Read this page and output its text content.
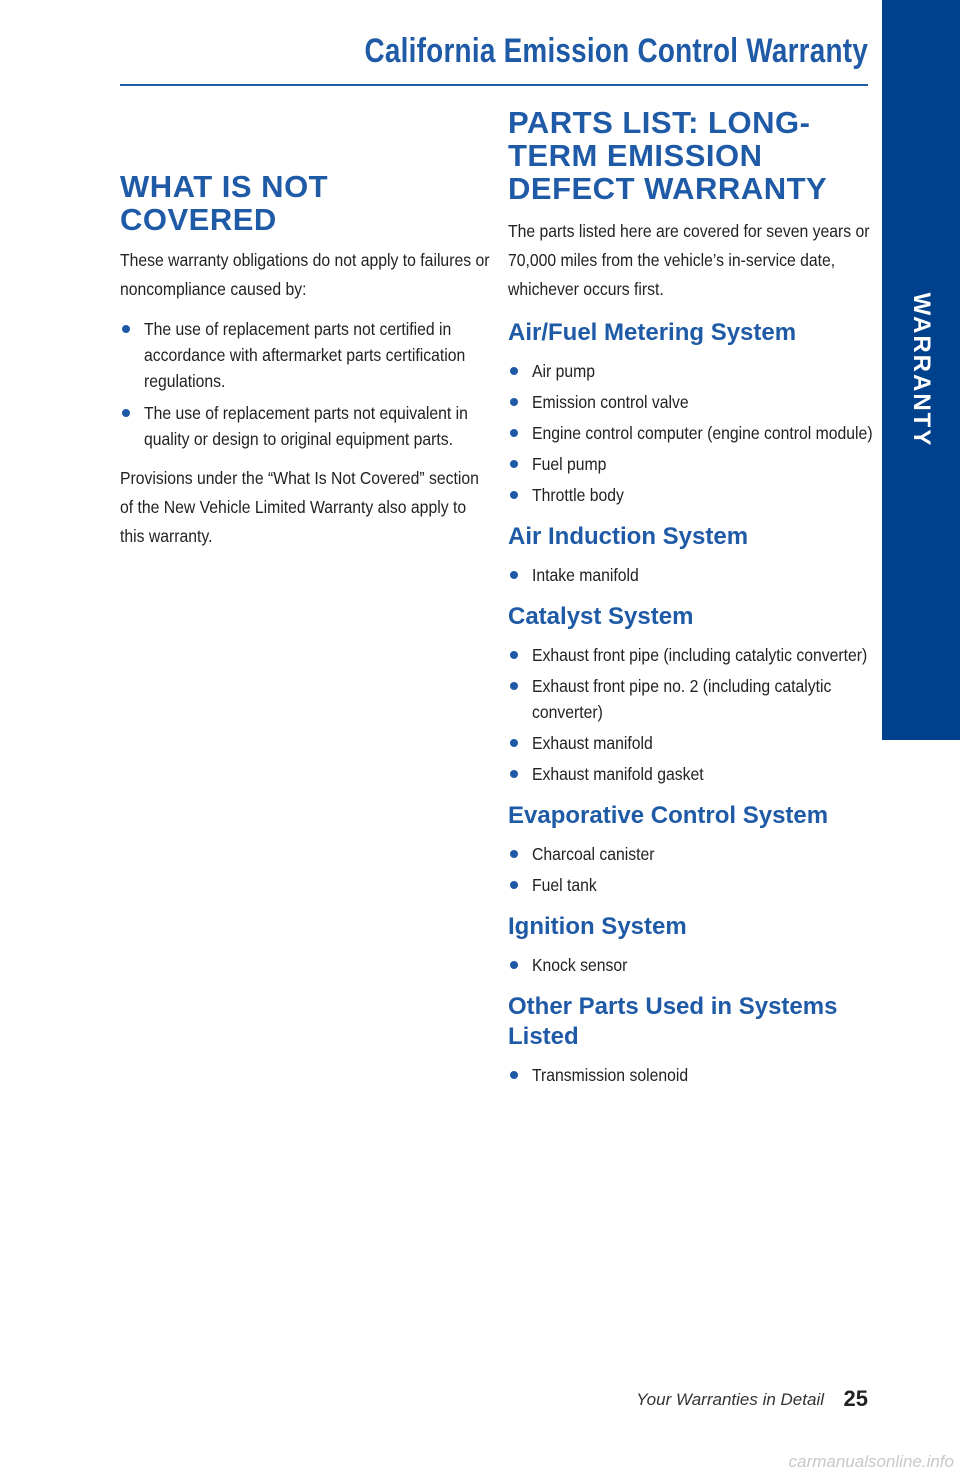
California Emission Control Warranty
WARRANTY
WHAT IS NOT COVERED

These warranty obligations do not apply to failures or noncompliance caused by:

The use of replacement parts not certified in accordance with aftermarket parts certification regulations.
The use of replacement parts not equivalent in quality or design to original equipment parts.

Provisions under the “What Is Not Covered” section of the New Vehicle Limited Warranty also apply to this warranty.

PARTS LIST: LONG-TERM EMISSION DEFECT WARRANTY

The parts listed here are covered for seven years or 70,000 miles from the vehicle’s in-service date, whichever occurs first.

Air/Fuel Metering System
Air pump
Emission control valve
Engine control computer (engine control module)
Fuel pump
Throttle body
Air Induction System
Intake manifold
Catalyst System
Exhaust front pipe (including catalytic converter)
Exhaust front pipe no. 2 (including catalytic converter)
Exhaust manifold
Exhaust manifold gasket
Evaporative Control System
Charcoal canister
Fuel tank
Ignition System
Knock sensor
Other Parts Used in Systems Listed
Transmission solenoid
Your Warranties in Detail 25
carmanualsonline.info
